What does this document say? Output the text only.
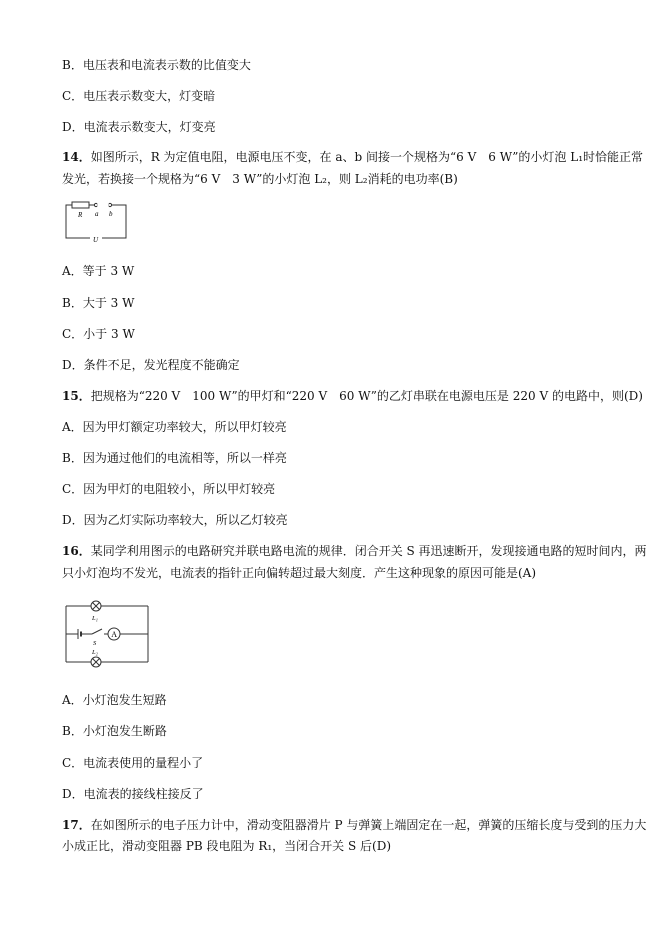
B．电压表和电流表示数的比值变大
C．电压表示数变大，灯变暗
D．电流表示数变大，灯变亮
14．如图所示，R 为定值电阻，电源电压不变，在 a、b 间接一个规格为“6 V　6 W”的小灯泡 L₁时恰能正常
发光，若换接一个规格为“6 V　3 W”的小灯泡 L₂，则 L₂消耗的电功率(B)
R a b
U
A．等于 3 W
B．大于 3 W
C．小于 3 W
D．条件不足，发光程度不能确定
15．把规格为“220 V　100 W”的甲灯和“220 V　60 W”的乙灯串联在电源电压是 220 V 的电路中，则(D)
A．因为甲灯额定功率较大，所以甲灯较亮
B．因为通过他们的电流相等，所以一样亮
C．因为甲灯的电阻较小，所以甲灯较亮
D．因为乙灯实际功率较大，所以乙灯较亮
16．某同学利用图示的电路研究并联电路电流的规律．闭合开关 S 再迅速断开，发现接通电路的短时间内，两
只小灯泡均不发光，电流表的指针正向偏转超过最大刻度．产生这种现象的原因可能是(A)
A
L₁
S
L₂
A．小灯泡发生短路
B．小灯泡发生断路
C．电流表使用的量程小了
D．电流表的接线柱接反了
17．在如图所示的电子压力计中，滑动变阻器滑片 P 与弹簧上端固定在一起，弹簧的压缩长度与受到的压力大
小成正比，滑动变阻器 PB 段电阻为 R₁，当闭合开关 S 后(D)
